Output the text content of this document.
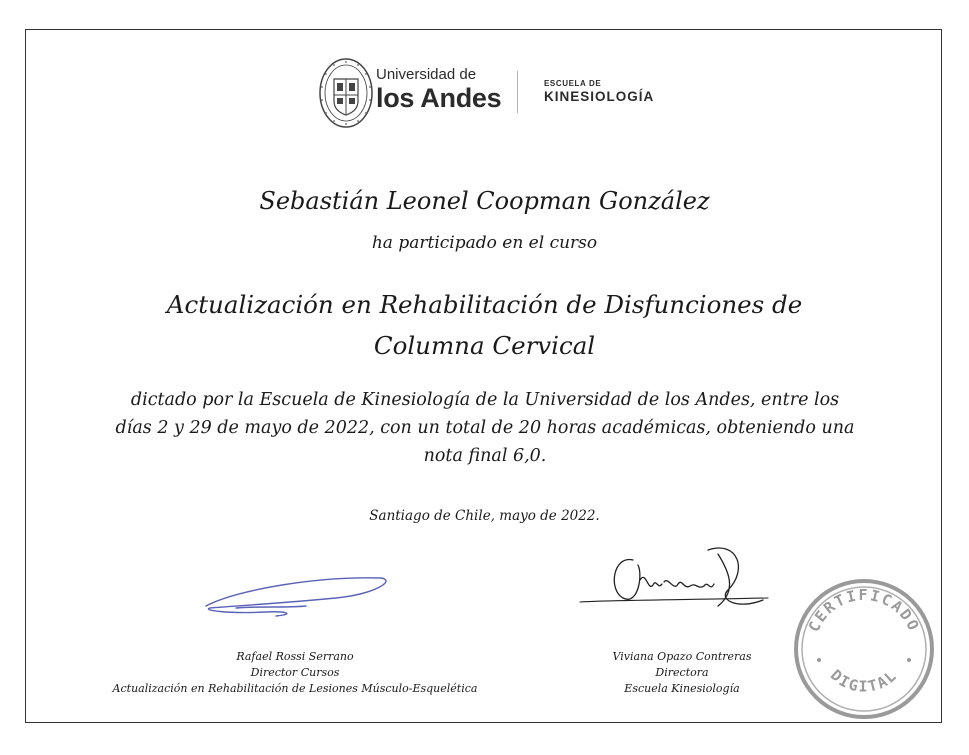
Universidad de
los Andes	ESCUELA DE
KINESIOLOGÍA
Sebastián Leonel Coopman González
ha participado en el curso
Actualización en Rehabilitación de Disfunciones de
Columna Cervical
dictado por la Escuela de Kinesiología de la Universidad de los Andes, entre los
días 2 y 29 de mayo de 2022, con un total de 20 horas académicas, obteniendo una
nota final 6,0.
Santiago de Chile, mayo de 2022.
Rafael Rossi Serrano
Director Cursos
Actualización en Rehabilitación de Lesiones Músculo-Esquelética
Viviana Opazo Contreras
Directora
Escuela Kinesiología
CERTIFICADO
DIGITAL
